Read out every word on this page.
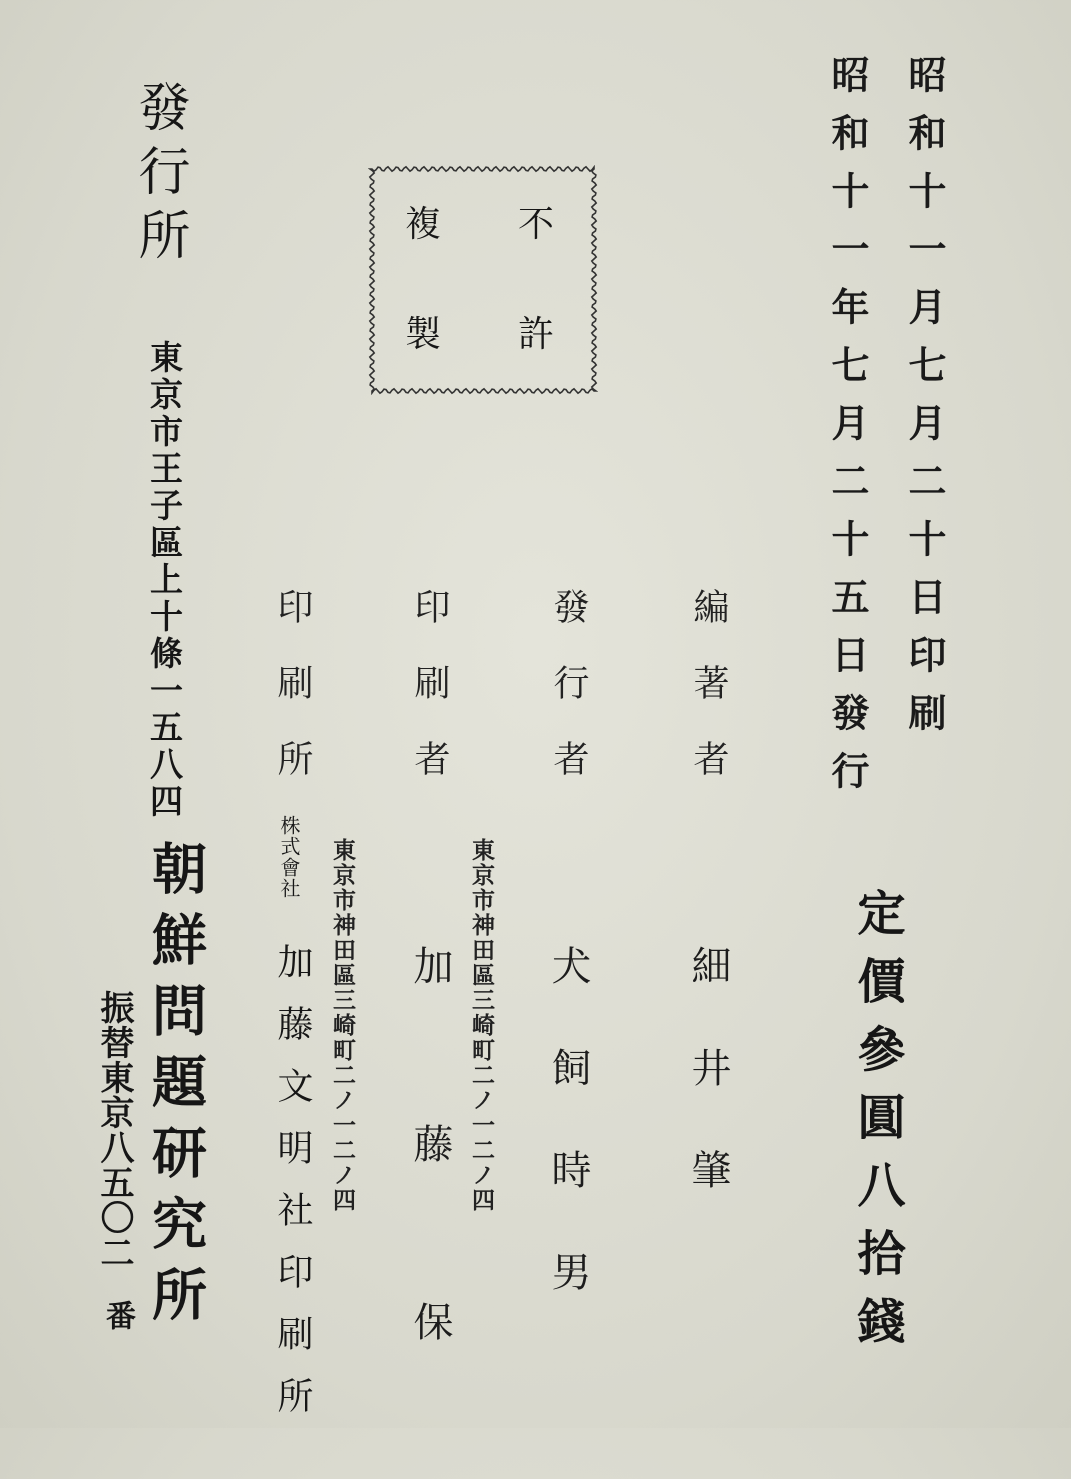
昭和十一月七月二十日印刷
昭和十一年七月二十五日發行
定價參圓八拾錢
編著者
細井肇
發行者
東京市神田區三崎町二ノ一二ノ四 犬飼時男
印刷者
加藤保
印刷所
東京市神田區三崎町二ノ一二ノ四
株式會社
加藤文明社印刷所
不
許
複
製
發行所
東京市王子區上十條一五八四
朝鮮問題研究所
振替東京八五〇二
番
